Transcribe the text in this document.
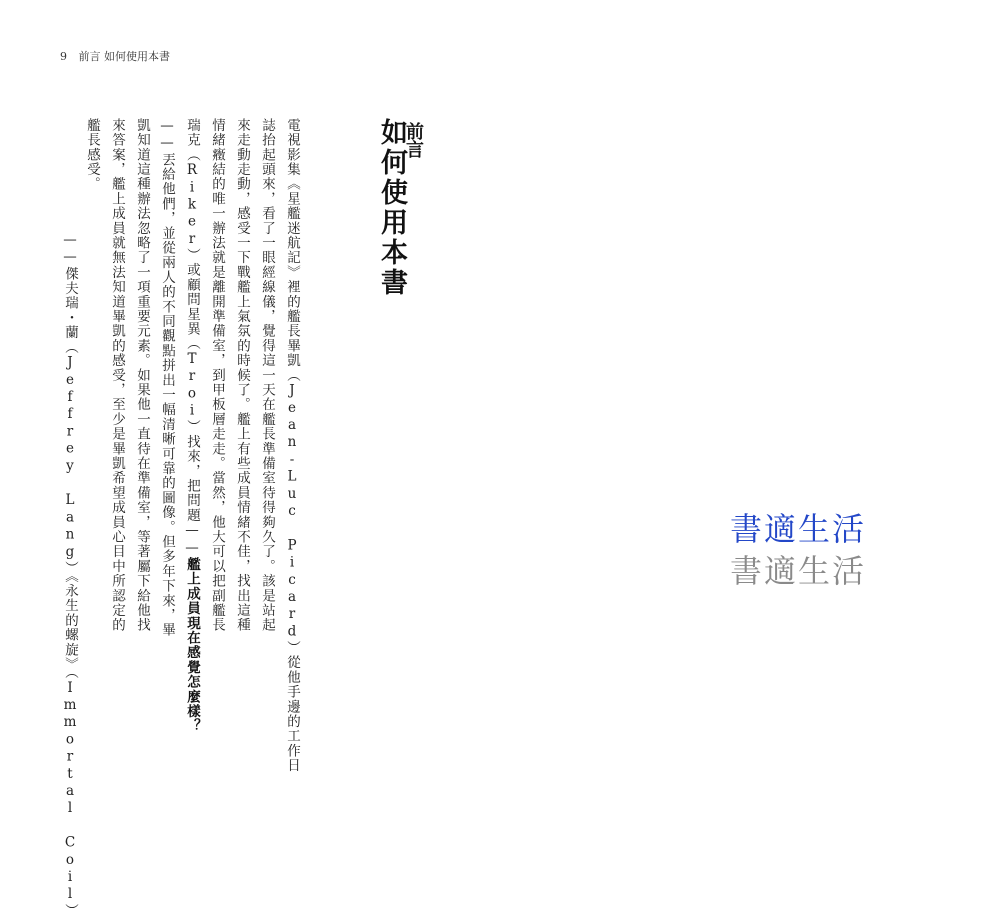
9 前言 如何使用本書
前言
如何使用本書
電視影集《星艦迷航記》裡的艦長畢凱（Jean-Luc Picard）從他手邊的工作日
誌抬起頭來，看了一眼經線儀，覺得這一天在艦長準備室待得夠久了。該是站起
來走動走動，感受一下戰艦上氣氛的時候了。艦上有些成員情緒不佳，找出這種
情緒癥結的唯一辦法就是離開準備室，到甲板層走走。當然，他大可以把副艦長
瑞克（Riker）或顧問星異（Troi）找來，把問題——艦上成員現在感覺怎麼樣？
——丟給他們，並從兩人的不同觀點拼出一幅清晰可靠的圖像。但多年下來，畢
凱知道這種辦法忽略了一項重要元素。如果他一直待在準備室，等著屬下給他找
來答案，艦上成員就無法知道畢凱的感受，至少是畢凱希望成員心目中所認定的
艦長感受。
——傑夫瑞・蘭（Jeffrey Lang）《永生的螺旋》（Immortal Coil）	書適生活
書適生活
